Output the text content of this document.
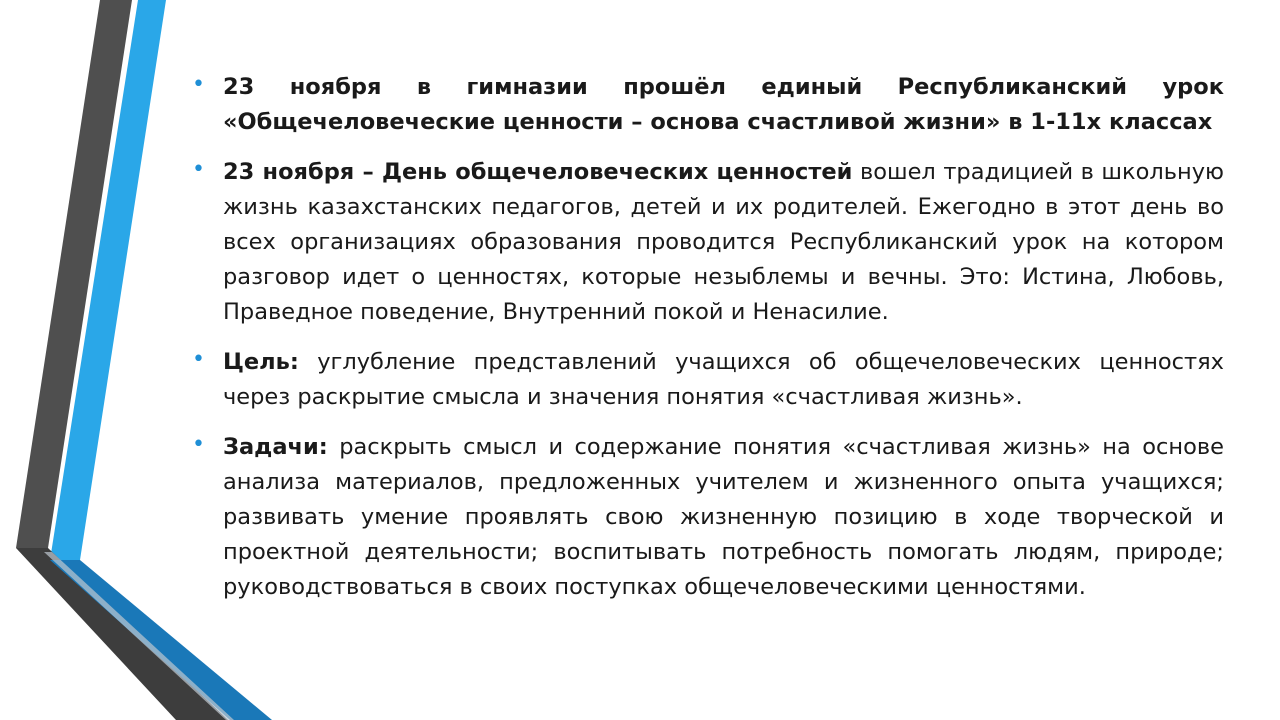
• 23 ноября в гимназии прошёл единый Республиканский урок «Общечеловеческие ценности – основа счастливой жизни» в 1-11х классах
• 23 ноября – День общечеловеческих ценностей вошел традицией в школьную жизнь казахстанских педагогов, детей и их родителей. Ежегодно в этот день во всех организациях образования проводится Республиканский урок на котором разговор идет о ценностях, которые незыблемы и вечны. Это: Истина, Любовь, Праведное поведение, Внутренний покой и Ненасилие.
• Цель: углубление представлений учащихся об общечеловеческих ценностях через раскрытие смысла и значения понятия «счастливая жизнь».
• Задачи: раскрыть смысл и содержание понятия «счастливая жизнь» на основе анализа материалов, предложенных учителем и жизненного опыта учащихся; развивать умение проявлять свою жизненную позицию в ходе творческой и проектной деятельности; воспитывать потребность помогать людям, природе; руководствоваться в своих поступках общечеловеческими ценностями.
